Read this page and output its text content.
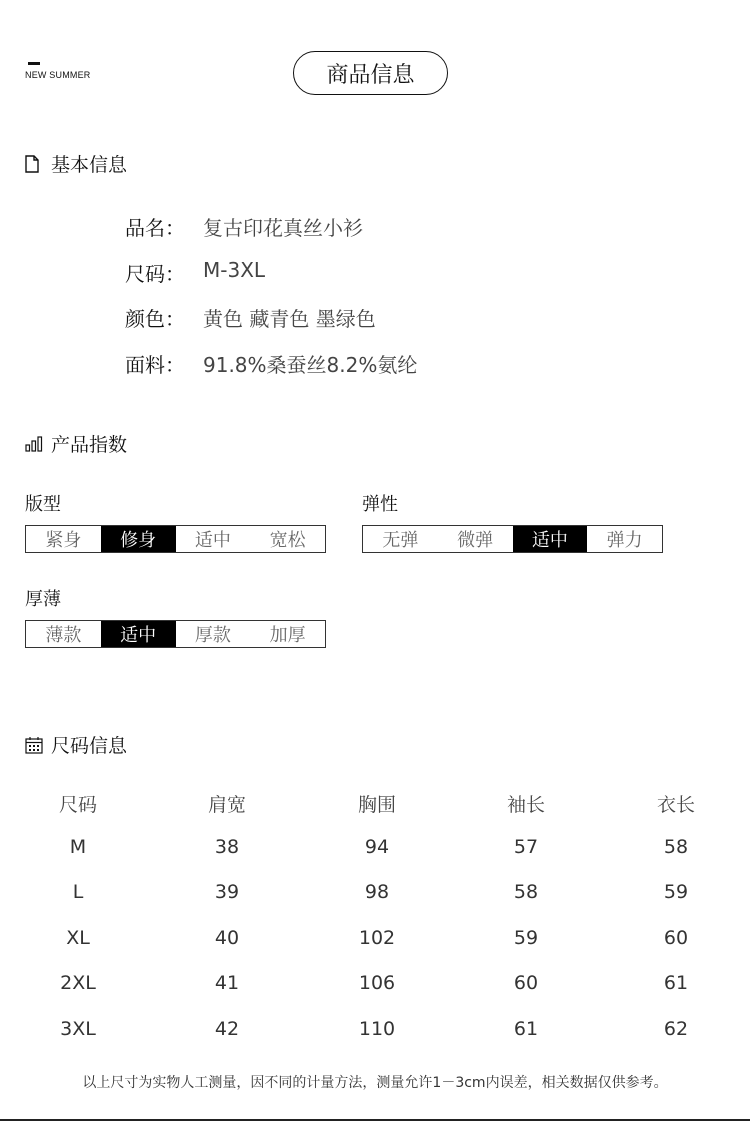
NEW SUMMER	商品信息
基本信息
品名： 复古印花真丝小衫
尺码： M-3XL
颜色： 黄色 藏青色 墨绿色
面料： 91.8%桑蚕丝8.2%氨纶
产品指数
版型
紧身	修身	适中	宽松
弹性
无弹	微弹	适中	弹力
厚薄
薄款	适中	厚款	加厚
尺码信息
尺码	肩宽	胸围	袖长	衣长
M	38	94	57	58
L	39	98	58	59
XL	40	102	59	60
2XL	41	106	60	61
3XL	42	110	61	62
以上尺寸为实物人工测量，因不同的计量方法，测量允许1－3cm内误差，相关数据仅供参考。
